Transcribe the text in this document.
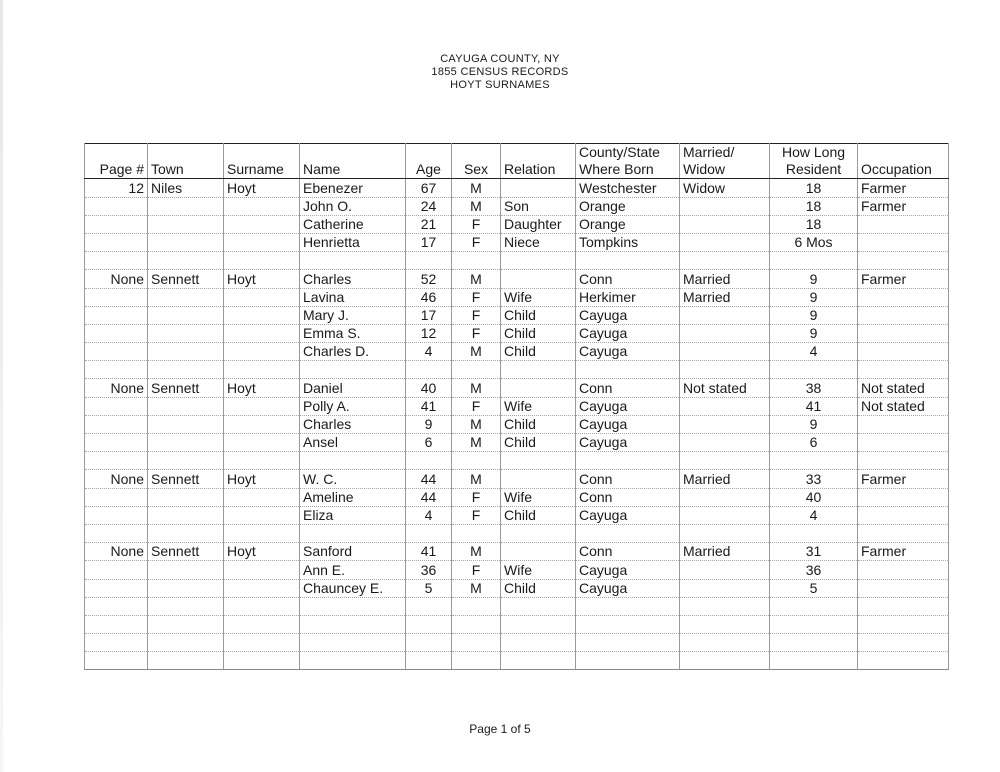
CAYUGA COUNTY, NY
1855 CENSUS RECORDS
HOYT SURNAMES
							County/State	Married/	How Long	
Page #	Town	Surname	Name	Age	Sex	Relation	Where Born	Widow	Resident	Occupation
12	Niles	Hoyt	Ebenezer	67	M		Westchester	Widow	18	Farmer
			John O.	24	M	Son	Orange		18	Farmer
			Catherine	21	F	Daughter	Orange		18	
			Henrietta	17	F	Niece	Tompkins		6 Mos	

None	Sennett	Hoyt	Charles	52	M		Conn	Married	9	Farmer
			Lavina	46	F	Wife	Herkimer	Married	9	
			Mary J.	17	F	Child	Cayuga		9	
			Emma S.	12	F	Child	Cayuga		9	
			Charles D.	4	M	Child	Cayuga		4	

None	Sennett	Hoyt	Daniel	40	M		Conn	Not stated	38	Not stated
			Polly A.	41	F	Wife	Cayuga		41	Not stated
			Charles	9	M	Child	Cayuga		9	
			Ansel	6	M	Child	Cayuga		6	

None	Sennett	Hoyt	W. C.	44	M		Conn	Married	33	Farmer
			Ameline	44	F	Wife	Conn		40	
			Eliza	4	F	Child	Cayuga		4	

None	Sennett	Hoyt	Sanford	41	M		Conn	Married	31	Farmer
			Ann E.	36	F	Wife	Cayuga		36	
			Chauncey E.	5	M	Child	Cayuga		5	

Page 1 of 5
